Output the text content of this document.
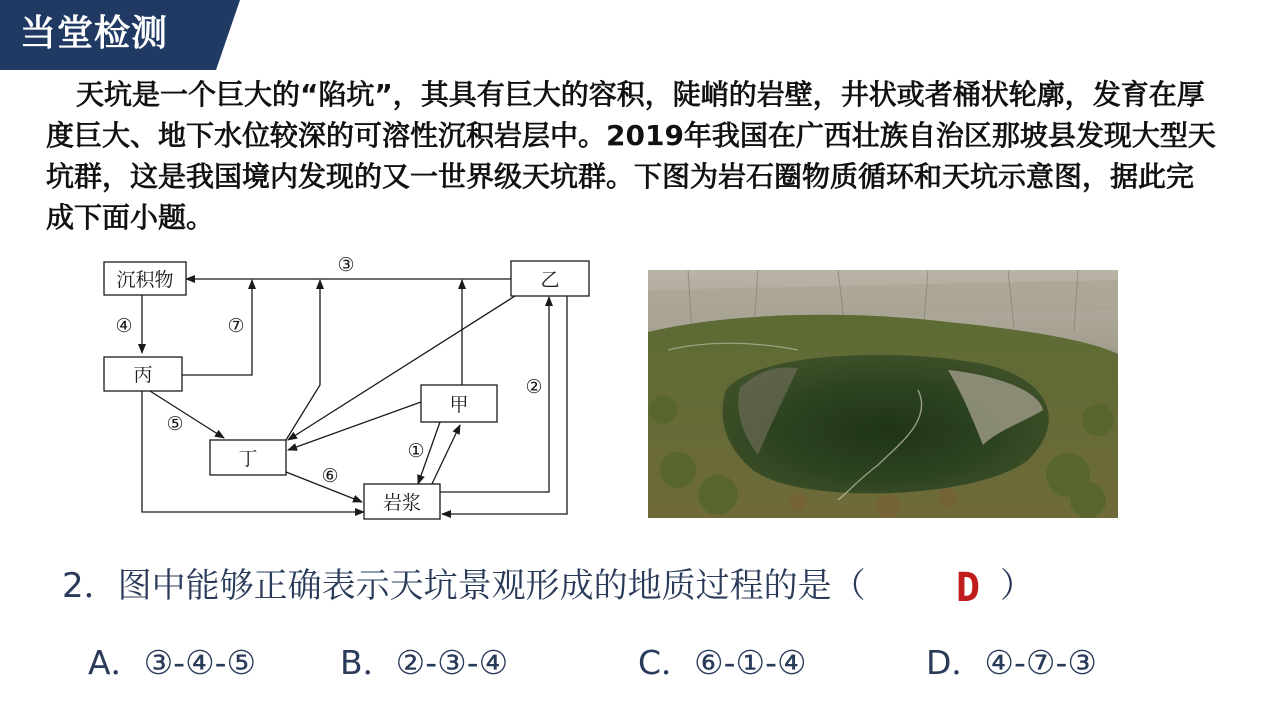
当堂检测
天坑是一个巨大的“陷坑”，其具有巨大的容积，陡峭的岩壁，井状或者桶状轮廓，发育在厚度巨大、地下水位较深的可溶性沉积岩层中。2019年我国在广西壮族自治区那坡县发现大型天坑群，这是我国境内发现的又一世界级天坑群。下图为岩石圈物质循环和天坑示意图，据此完成下面小题。
沉积物	乙
丙
甲
丁
岩浆
③
④	⑦
⑤
⑥
①
②
2．图中能够正确表示天坑景观形成的地质过程的是（ D ）
A．③-④-⑤	B．②-③-④	C．⑥-①-④	D．④-⑦-③
